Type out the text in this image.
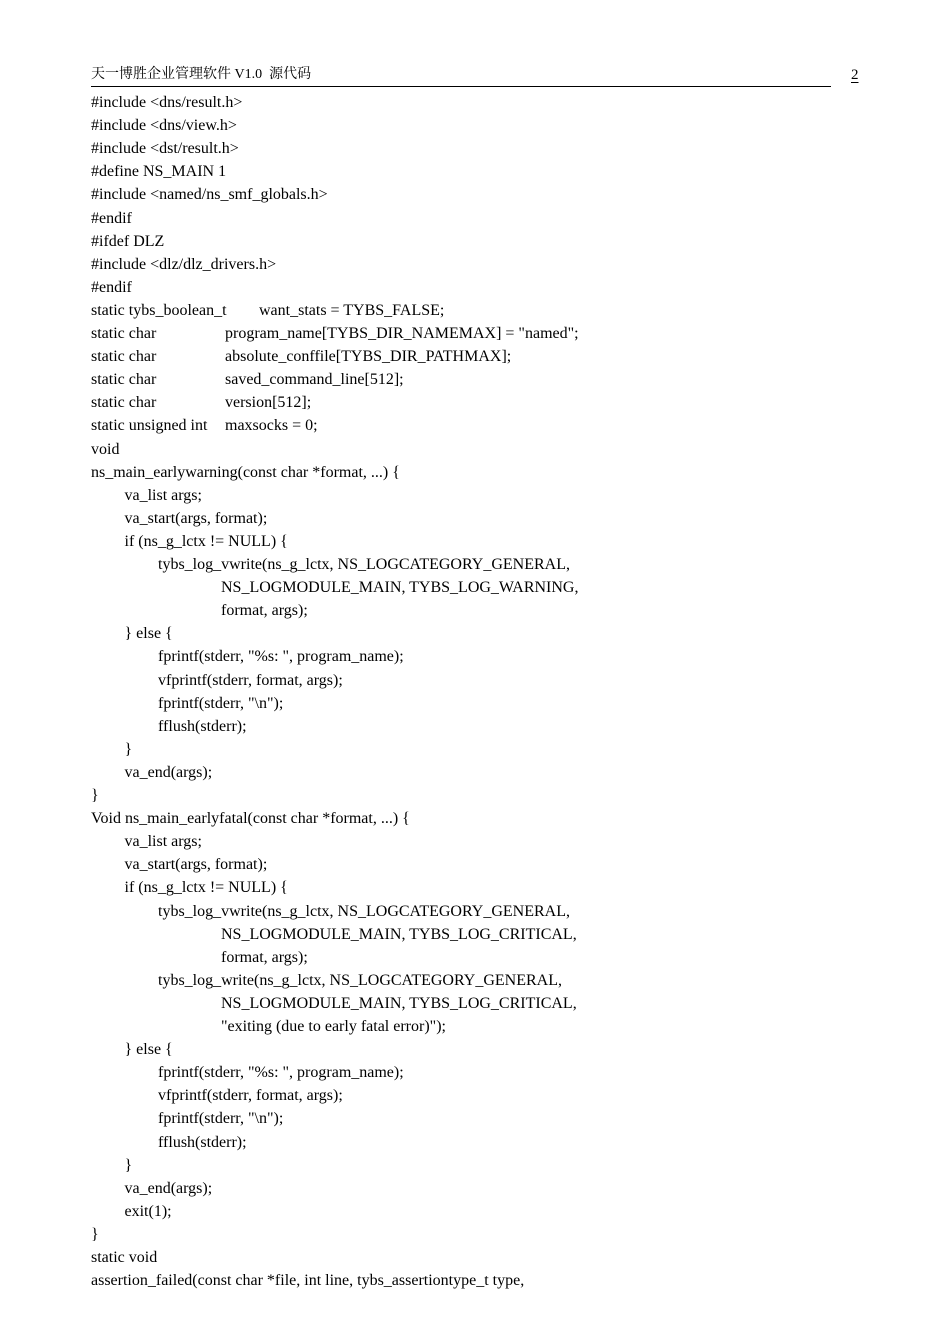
天一博胜企业管理软件 V1.0  源代码	2
#include <dns/result.h>
#include <dns/view.h>
#include <dst/result.h>
#define NS_MAIN 1
#include <named/ns_smf_globals.h>
#endif
#ifdef DLZ
#include <dlz/dlz_drivers.h>
#endif
static tybs_boolean_t want_stats = TYBS_FALSE;
static char	program_name[TYBS_DIR_NAMEMAX] = "named";
static char	absolute_conffile[TYBS_DIR_PATHMAX];
static char	saved_command_line[512];
static char	version[512];
static unsigned int maxsocks = 0;
void
ns_main_earlywarning(const char *format, ...) {
va_list args;
va_start(args, format);
if (ns_g_lctx != NULL) {
tybs_log_vwrite(ns_g_lctx, NS_LOGCATEGORY_GENERAL,
NS_LOGMODULE_MAIN, TYBS_LOG_WARNING,
format, args);
} else {
fprintf(stderr, "%s: ", program_name);
vfprintf(stderr, format, args);
fprintf(stderr, "\n");
fflush(stderr);
}
va_end(args);
}
Void ns_main_earlyfatal(const char *format, ...) {
va_list args;
va_start(args, format);
if (ns_g_lctx != NULL) {
tybs_log_vwrite(ns_g_lctx, NS_LOGCATEGORY_GENERAL,
NS_LOGMODULE_MAIN, TYBS_LOG_CRITICAL,
format, args);
tybs_log_write(ns_g_lctx, NS_LOGCATEGORY_GENERAL,
NS_LOGMODULE_MAIN, TYBS_LOG_CRITICAL,
"exiting (due to early fatal error)");
} else {
fprintf(stderr, "%s: ", program_name);
vfprintf(stderr, format, args);
fprintf(stderr, "\n");
fflush(stderr);
}
va_end(args);
exit(1);
}
static void
assertion_failed(const char *file, int line, tybs_assertiontype_t type,
